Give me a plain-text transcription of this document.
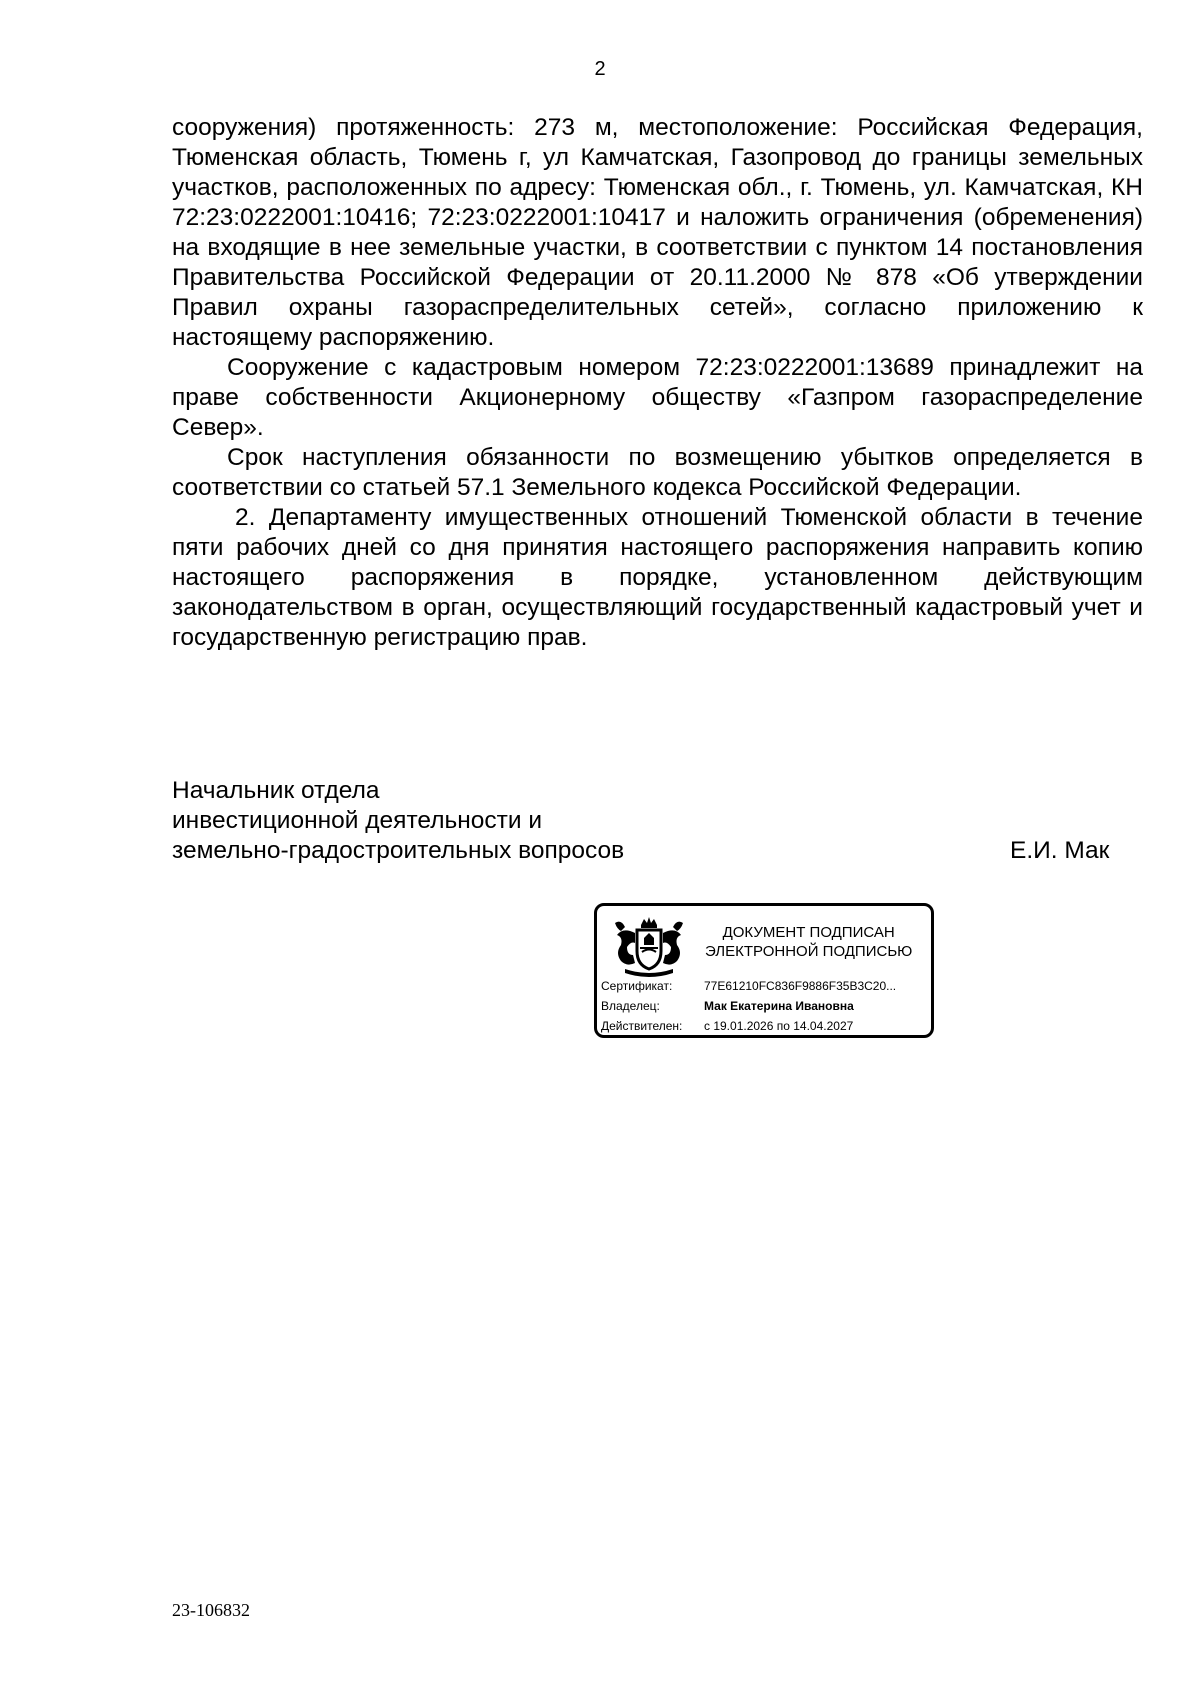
2

сооружения) протяженность: 273 м, местоположение: Российская Федерация, Тюменская область, Тюмень г, ул Камчатская, Газопровод до границы земельных участков, расположенных по адресу: Тюменская обл., г. Тюмень, ул. Камчатская, КН 72:23:0222001:10416; 72:23:0222001:10417 и наложить ограничения (обременения) на входящие в нее земельные участки, в соответствии с пунктом 14 постановления Правительства Российской Федерации от 20.11.2000 № 878 «Об утверждении Правил охраны газораспределительных сетей», согласно приложению к настоящему распоряжению.

Сооружение с кадастровым номером 72:23:0222001:13689 принадлежит на праве собственности Акционерному обществу «Газпром газораспределение Север».

Срок наступления обязанности по возмещению убытков определяется в соответствии со статьей 57.1 Земельного кодекса Российской Федерации.

2. Департаменту имущественных отношений Тюменской области в течение пяти рабочих дней со дня принятия настоящего распоряжения направить копию настоящего распоряжения в порядке, установленном действующим законодательством в орган, осуществляющий государственный кадастровый учет и государственную регистрацию прав.

Начальник отдела
инвестиционной деятельности и
земельно-градостроительных вопросов	Е.И. Мак
ДОКУМЕНТ ПОДПИСАН
ЭЛЕКТРОННОЙ ПОДПИСЬЮ
Сертификат:	77E61210FC836F9886F35B3C20...
Владелец:	Мак Екатерина Ивановна
Действителен:	с 19.01.2026 по 14.04.2027
23-106832
